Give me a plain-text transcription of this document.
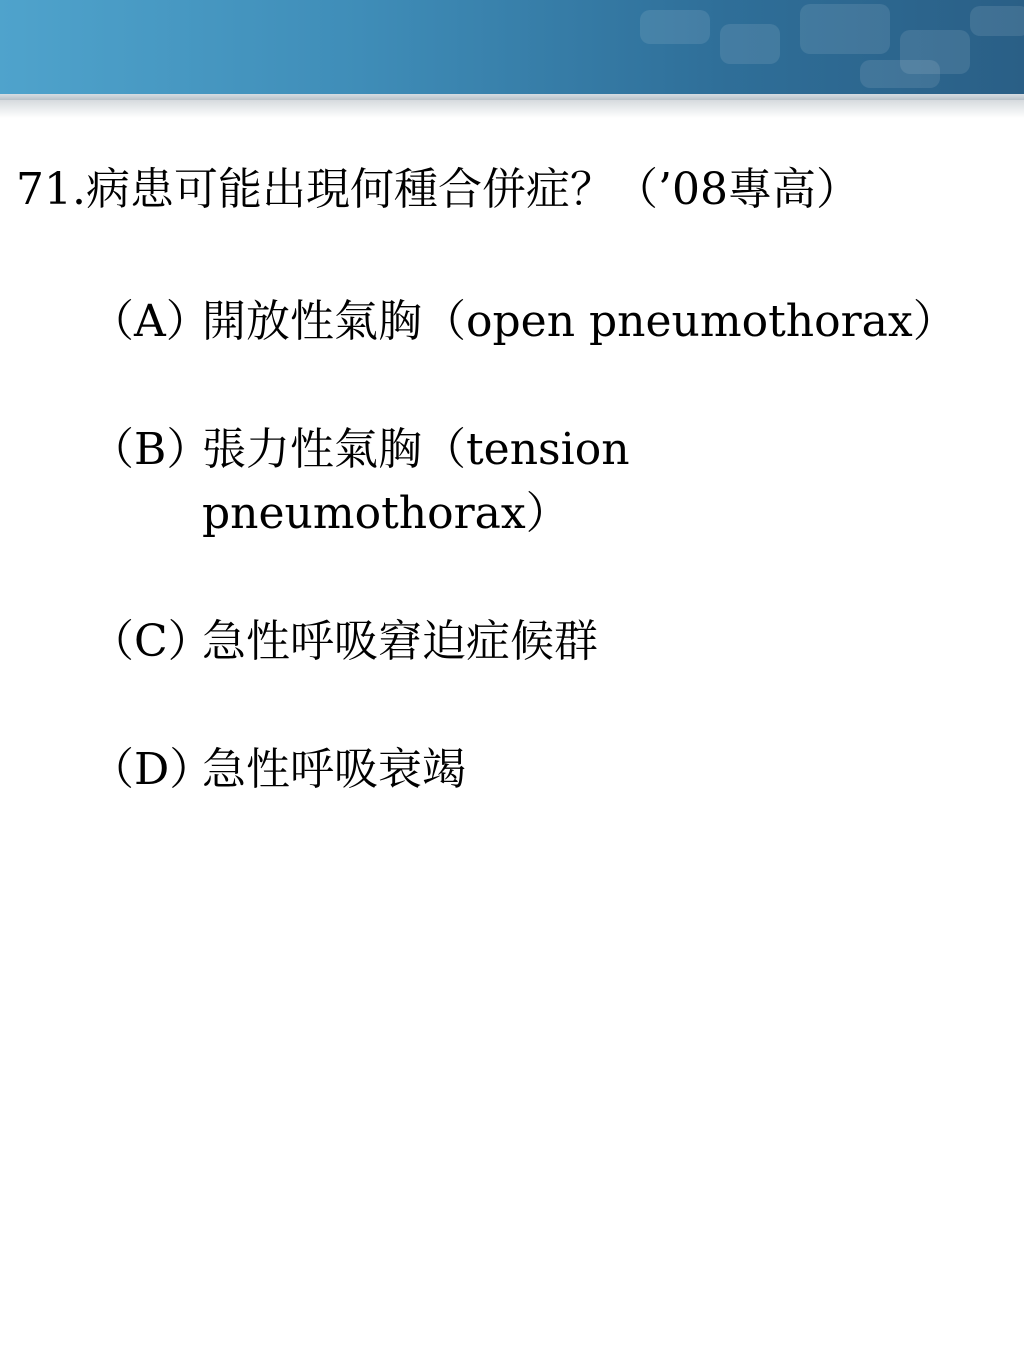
71.病患可能出現何種合併症？（’08專高）
（A）
開放性氣胸（open pneumothorax）
（B）
張力性氣胸（tension pneumothorax）
（C）
急性呼吸窘迫症候群
（D）
急性呼吸衰竭
